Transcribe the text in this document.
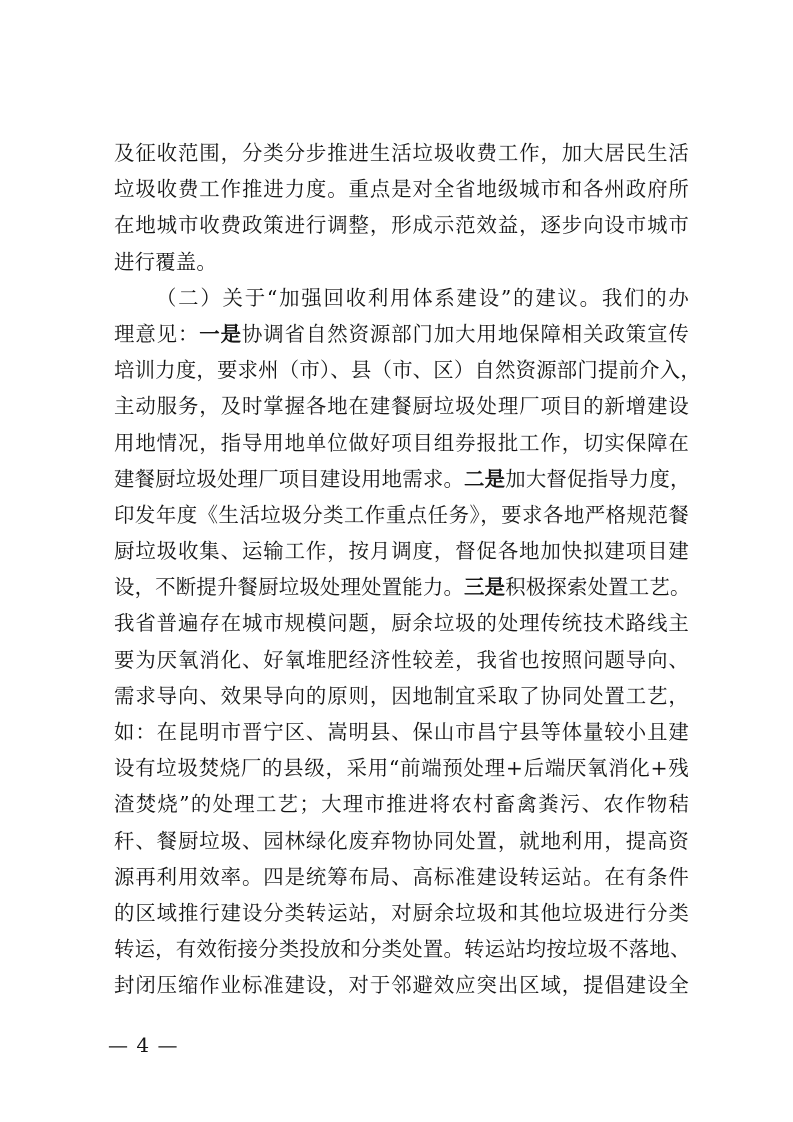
及征收范围，分类分步推进生活垃圾收费工作，加大居民生活
垃圾收费工作推进力度。重点是对全省地级城市和各州政府所
在地城市收费政策进行调整，形成示范效益，逐步向设市城市
进行覆盖。
（二）关于“加强回收利用体系建设”的建议。我们的办
理意见：一是协调省自然资源部门加大用地保障相关政策宣传
培训力度，要求州（市）、县（市、区）自然资源部门提前介入，
主动服务，及时掌握各地在建餐厨垃圾处理厂项目的新增建设
用地情况，指导用地单位做好项目组券报批工作，切实保障在
建餐厨垃圾处理厂项目建设用地需求。二是加大督促指导力度，
印发年度《生活垃圾分类工作重点任务》，要求各地严格规范餐
厨垃圾收集、运输工作，按月调度，督促各地加快拟建项目建
设，不断提升餐厨垃圾处理处置能力。三是积极探索处置工艺。
我省普遍存在城市规模问题，厨余垃圾的处理传统技术路线主
要为厌氧消化、好氧堆肥经济性较差，我省也按照问题导向、
需求导向、效果导向的原则，因地制宜采取了协同处置工艺，
如：在昆明市晋宁区、嵩明县、保山市昌宁县等体量较小且建
设有垃圾焚烧厂的县级，采用“前端预处理+后端厌氧消化+残
渣焚烧”的处理工艺；大理市推进将农村畜禽粪污、农作物秸
秆、餐厨垃圾、园林绿化废弃物协同处置，就地利用，提高资
源再利用效率。四是统筹布局、高标准建设转运站。在有条件
的区域推行建设分类转运站，对厨余垃圾和其他垃圾进行分类
转运，有效衔接分类投放和分类处置。转运站均按垃圾不落地、
封闭压缩作业标准建设，对于邻避效应突出区域，提倡建设全
— 4 —
